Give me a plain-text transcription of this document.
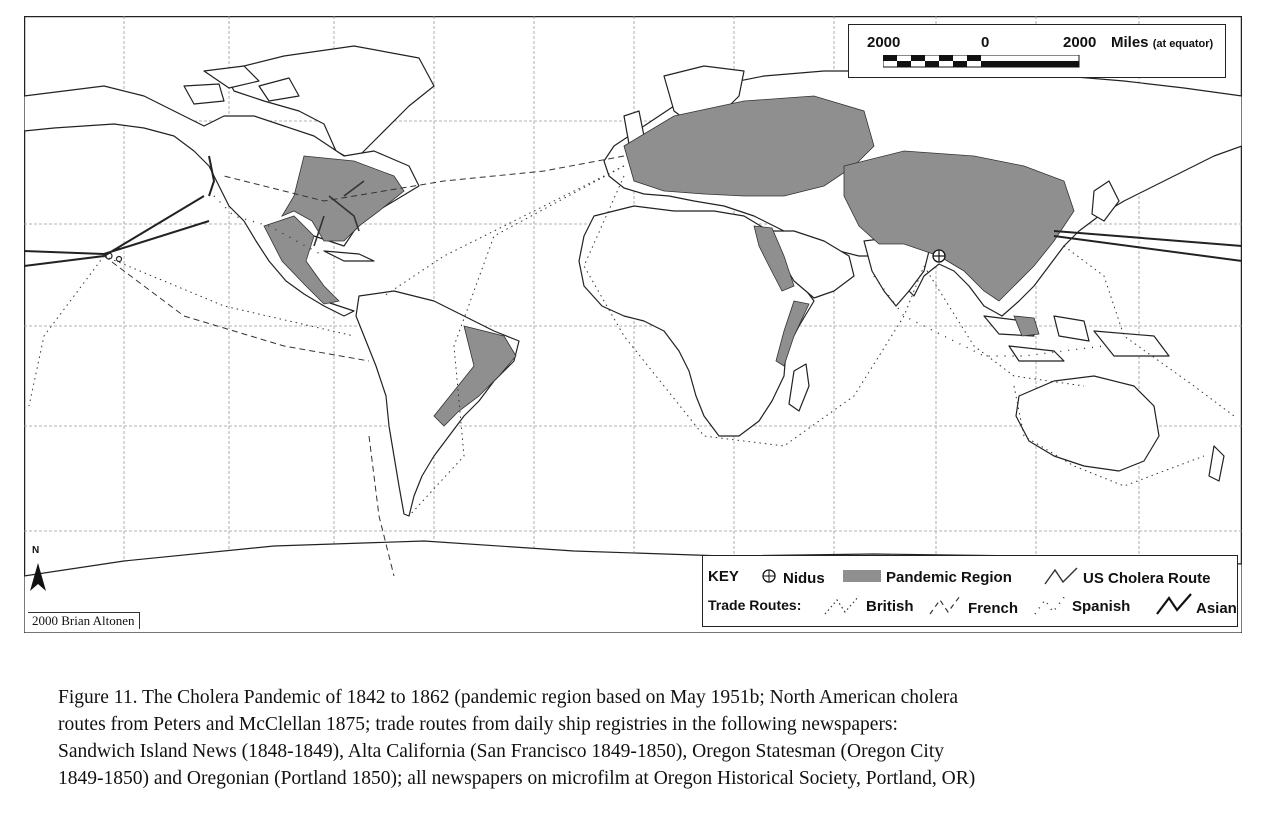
2000	0	2000 Miles (at equator)
KEY	Nidus	Pandemic Region	US Cholera Route
Trade Routes:	British	French	Spanish	Asian
N
2000 Brian Altonen

Figure 11. The Cholera Pandemic of 1842 to 1862 (pandemic region based on May 1951b; North American cholera
routes from Peters and McClellan 1875; trade routes from daily ship registries in the following newspapers:
Sandwich Island News (1848-1849), Alta California (San Francisco 1849-1850), Oregon Statesman (Oregon City
1849-1850) and Oregonian (Portland 1850); all newspapers on microfilm at Oregon Historical Society, Portland, OR)
